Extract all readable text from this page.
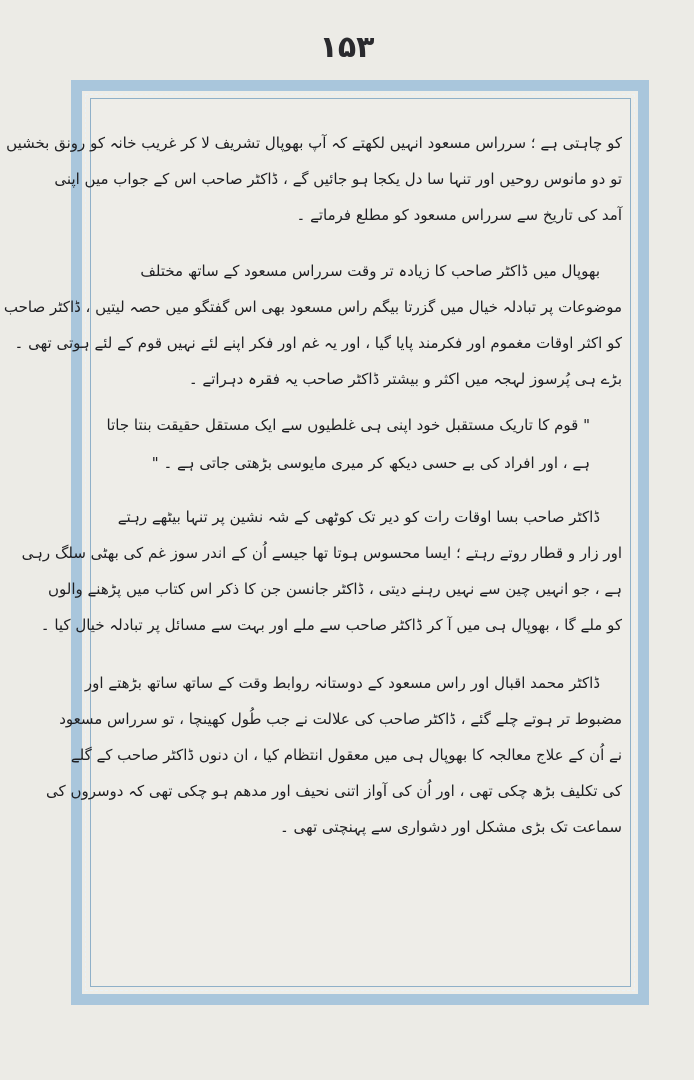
۱۵۳
کو چاہتی ہے ؛ سرراس مسعود انہیں لکھتے کہ آپ بھوپال تشریف لا کر غریب خانہ کو رونق بخشیں
تو دو مانوس روحیں اور تنہا سا دل یکجا ہو جائیں گے ، ڈاکٹر صاحب اس کے جواب میں اپنی
آمد کی تاریخ سے سرراس مسعود کو مطلع فرماتے ۔
بھوپال میں ڈاکٹر صاحب کا زیادہ تر وقت سرراس مسعود کے ساتھ مختلف
موضوعات پر تبادلہ خیال میں گزرتا بیگم راس مسعود بھی اس گفتگو میں حصہ لیتیں ، ڈاکٹر صاحب
کو اکثر اوقات مغموم اور فکرمند پایا گیا ، اور یہ غم اور فکر اپنے لئے نہیں قوم کے لئے ہوتی تھی ۔
بڑے ہی پُرسوز لہجہ میں اکثر و بیشتر ڈاکٹر صاحب یہ فقرہ دہراتے ۔
" قوم کا تاریک مستقبل خود اپنی ہی غلطیوں سے ایک مستقل حقیقت بنتا جاتا
ہے ، اور افراد کی بے حسی دیکھ کر میری مایوسی بڑھتی جاتی ہے ۔ "
ڈاکٹر صاحب بسا اوقات رات کو دیر تک کوٹھی کے شہ نشین پر تنہا بیٹھے رہتے
اور زار و قطار روتے رہتے ؛ ایسا محسوس ہوتا تھا جیسے اُن کے اندر سوز غم کی بھٹی سلگ رہی
ہے ، جو انہیں چین سے نہیں رہنے دیتی ، ڈاکٹر جانسن جن کا ذکر اس کتاب میں پڑھنے والوں
کو ملے گا ، بھوپال ہی میں آ کر ڈاکٹر صاحب سے ملے اور بہت سے مسائل پر تبادلہ خیال کیا ۔
ڈاکٹر محمد اقبال اور راس مسعود کے دوستانہ روابط وقت کے ساتھ ساتھ بڑھتے اور
مضبوط تر ہوتے چلے گئے ، ڈاکٹر صاحب کی علالت نے جب طُول کھینچا ، تو سرراس مسعود
نے اُن کے علاج معالجہ کا بھوپال ہی میں معقول انتظام کیا ، ان دنوں ڈاکٹر صاحب کے گلے
کی تکلیف بڑھ چکی تھی ، اور اُن کی آواز اتنی نحیف اور مدھم ہو چکی تھی کہ دوسروں کی
سماعت تک بڑی مشکل اور دشواری سے پہنچتی تھی ۔
